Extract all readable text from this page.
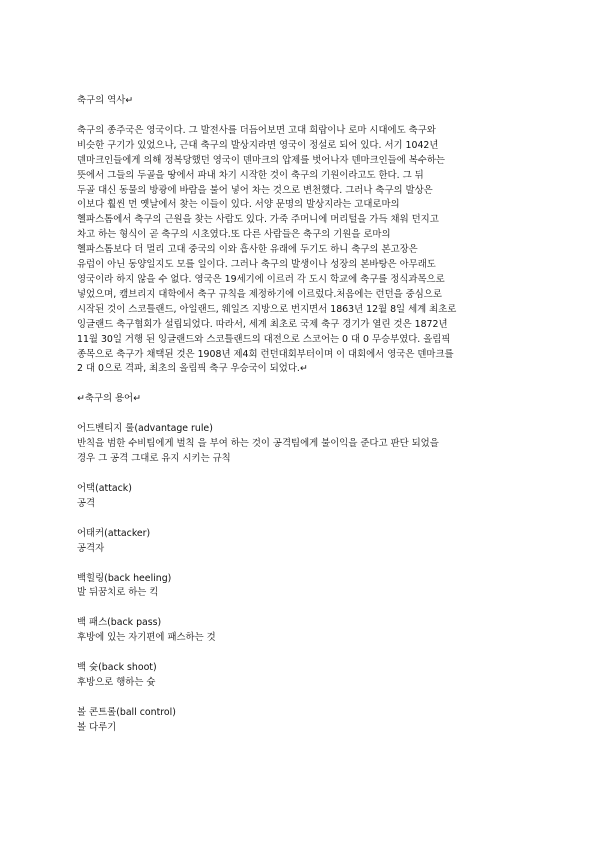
축구의 역사↵
축구의 종주국은 영국이다. 그 발전사를 더듬어보면 고대 희랍이나 로마 시대에도 축구와
비슷한 구기가 있었으나, 근대 축구의 발상지라면 영국이 정설로 되어 있다. 서기 1042년
덴마크인들에게 의해 정복당했던 영국이 덴마크의 압제를 벗어나자 덴마크인들에 복수하는
뜻에서 그들의 두골을 땅에서 파내 차기 시작한 것이 축구의 기원이라고도 한다. 그 뒤
두골 대신 동물의 방광에 바람을 불어 넣어 차는 것으로 변천했다. 그러나 축구의 발상은
이보다 훨씬 먼 옛날에서 찾는 이들이 있다. 서양 문명의 발상지라는 고대로마의
헬파스톰에서 축구의 근원을 찾는 사람도 있다. 가죽 주머니에 머리털을 가득 채워 던지고
차고 하는 형식이 곧 축구의 시초였다.또 다른 사람들은 축구의 기원을 로마의
헬파스톰보다 더 멀리 고대 중국의 이와 흡사한 유래에 두기도 하니 축구의 본고장은
유럽이 아닌 동양일지도 모를 일이다. 그러나 축구의 발생이나 성장의 본바탕은 아무래도
영국이라 하지 않을 수 없다. 영국은 19세기에 이르러 각 도시 학교에 축구를 정식과목으로
넣었으며, 캠브리지 대학에서 축구 규칙을 제정하기에 이르렀다.처음에는 런던을 중심으로
시작된 것이 스코틀랜드, 아일랜드, 웨일즈 지방으로 번지면서 1863년 12월 8일 세계 최초로
잉글랜드 축구협회가 설립되었다. 따라서, 세계 최초로 국제 축구 경기가 열린 것은 1872년
11월 30일 거행 된 잉글랜드와 스코틀랜드의 대전으로 스코어는 0 대 0 무승부였다. 올림픽
종목으로 축구가 채택된 것은 1908년 제4회 런던대회부터이며 이 대회에서 영국은 덴마크를
2 대 0으로 격파, 최초의 올림픽 축구 우승국이 되었다.↵
↵축구의 용어↵
어드벤티지 룰(advantage rule)
반칙을 범한 수비팀에게 벌칙 을 부여 하는 것이 공격팀에게 불이익을 준다고 판단 되었을
경우 그 공격 그대로 유지 시키는 규칙
어택(attack)
공격
어태커(attacker)
공격자
백힐링(back heeling)
발 뒤꿈치로 하는 킥
백 패스(back pass)
후방에 있는 자기편에 패스하는 것
백 슛(back shoot)
후방으로 행하는 슛
볼 콘트롤(ball control)
볼 다루기
